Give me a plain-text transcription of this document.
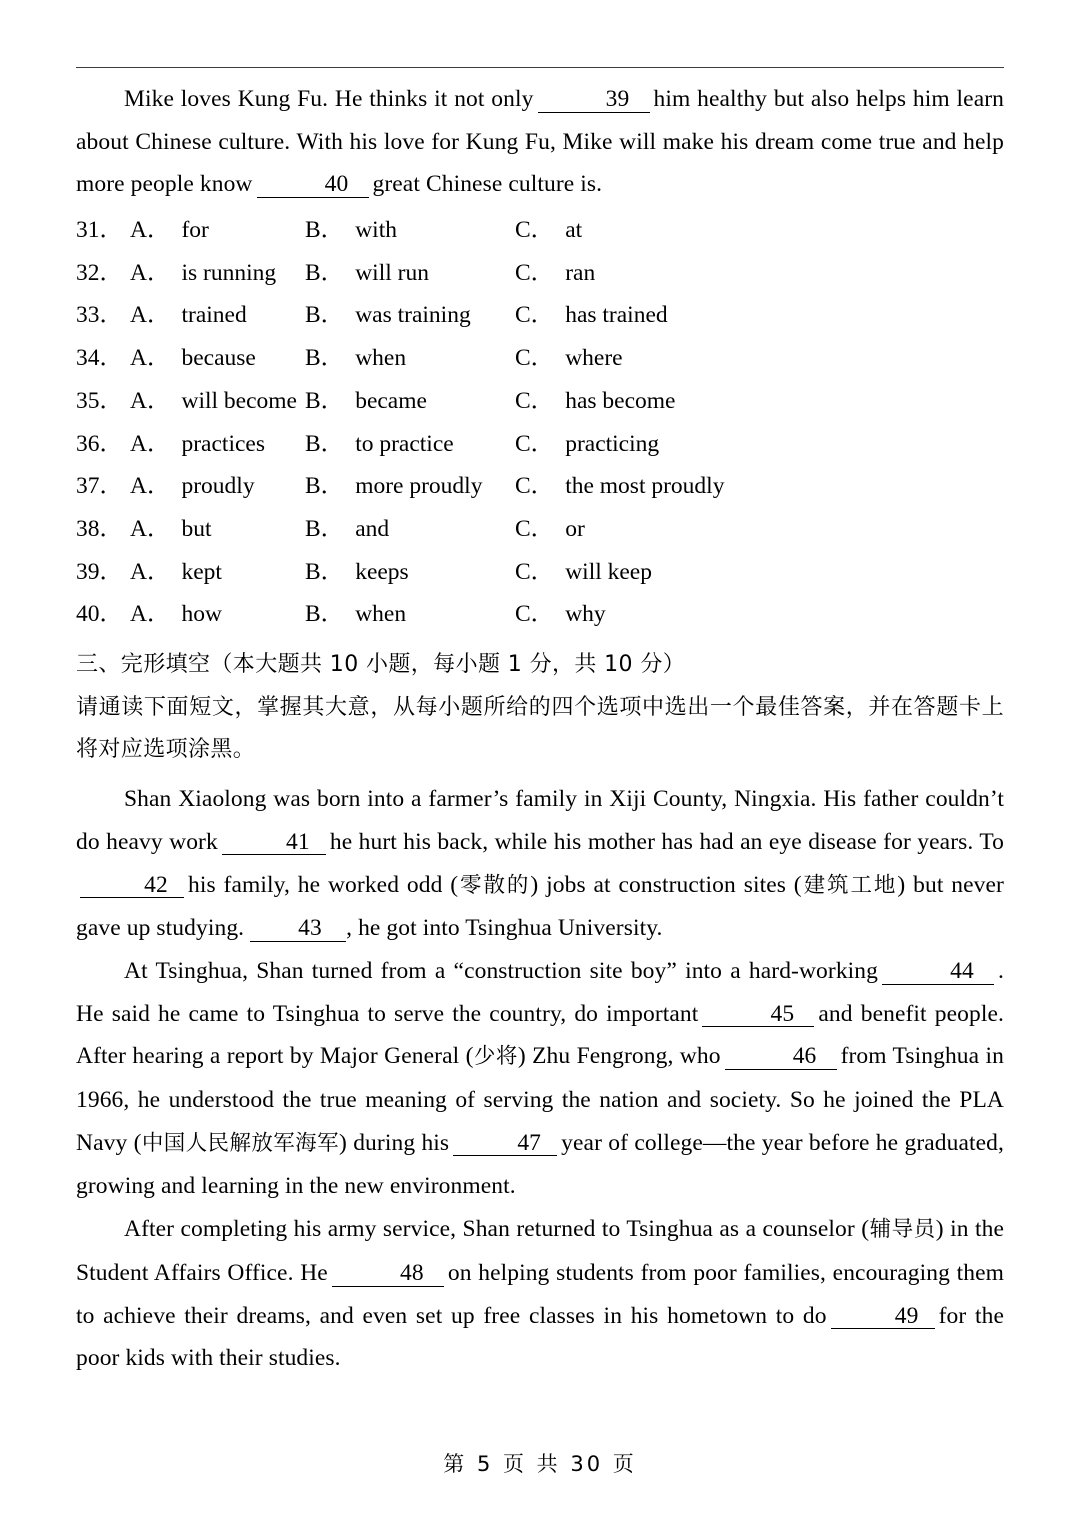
Mike loves Kung Fu. He thinks it not only	39 him healthy but also helps him learn about Chinese culture. With his love for Kung Fu, Mike will make his dream come true and help more people know	40 great Chinese culture is.

31． A． for	B． with	C． at
32． A． is running	B． will run	C． ran
33． A． trained	B． was training	C． has trained
34． A． because	B． when	C． where
35． A． will become B． became	C． has become
36． A． practices	B． to practice	C． practicing
37． A． proudly	B． more proudly	C． the most proudly
38． A． but	B． and	C． or
39． A． kept	B． keeps	C． will keep
40． A． how	B． when	C． why

三、完形填空（本大题共 10 小题，每小题 1 分，共 10 分）

请通读下面短文，掌握其大意，从每小题所给的四个选项中选出一个最佳答案，并在答题卡上将对应选项涂黑。

Shan Xiaolong was born into a farmer’s family in Xiji County, Ningxia. His father couldn’t do heavy work	41 he hurt his back, while his mother has had an eye disease for years. To42 his family, he worked odd (零散的) jobs at construction sites (建筑工地) but never gave up studying. 43 , he got into Tsinghua University.

At Tsinghua, Shan turned from a “construction site boy” into a hard-working	44 . He said he came to Tsinghua to serve the country, do important	45 and benefit people. After hearing a report by Major General (少将) Zhu Fengrong, who	46 from Tsinghua in 1966, he understood the true meaning of serving the nation and society. So he joined the PLA Navy (中国人民解放军海军) during his	47 year of college—the year before he graduated, growing and learning in the new environment.

After completing his army service, Shan returned to Tsinghua as a counselor (辅导员) in the Student Affairs Office. He	48 on helping students from poor families, encouraging them to achieve their dreams, and even set up free classes in his hometown to do	49 for the poor kids with their studies.

第 5 页 共 30 页
